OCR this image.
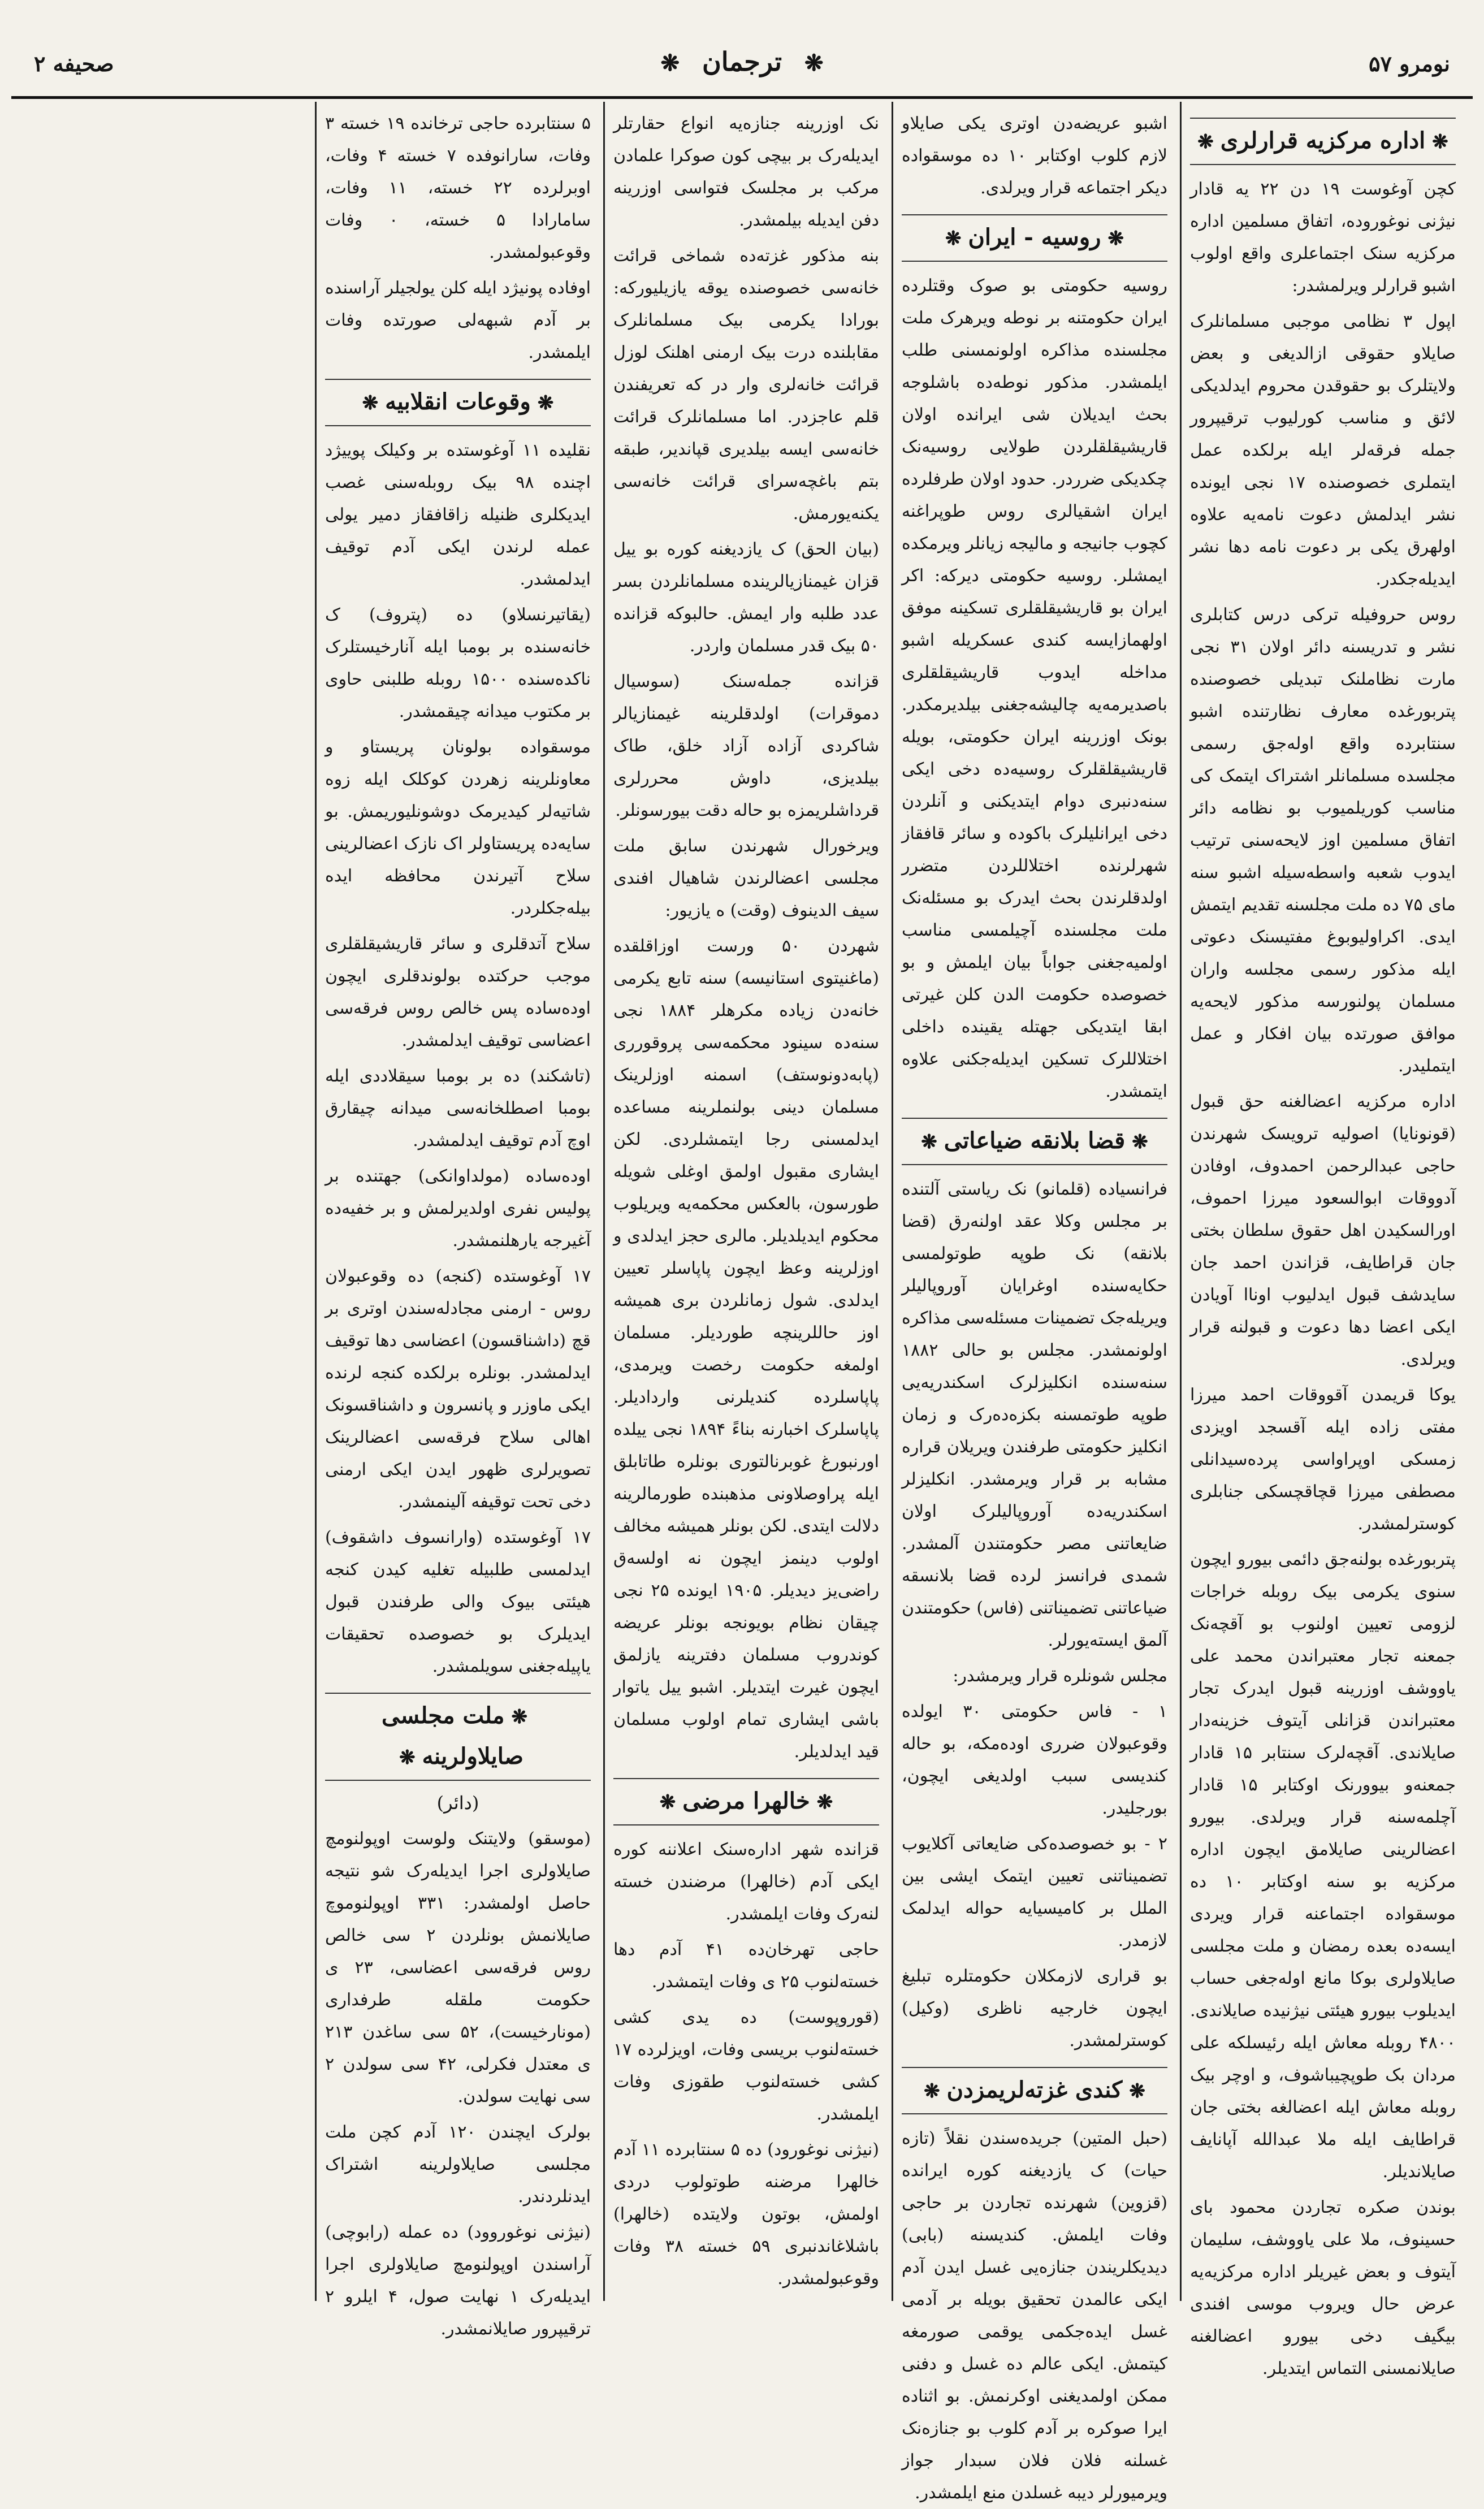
نومرو ۵۷
❋ ترجمان ❋
صحیفه ۲
❋اداره مرکزیه قرارلری❋

کچن آوغوست ۱۹ دن ۲۲ یه قادار نیژنی نوغوروده، اتفاق مسلمین اداره مرکزیه سنک اجتماعلری واقع اولوب اشبو قرارلر ویرلمشدر:

اپول ۳ نظامی موجبی مسلمانلرک صایلاو حقوقی ازالدیغی و بعض ولایتلرک بو حقوقدن محروم ایدلدیکی لائق و مناسب کورلیوب ترقیپرور جمله فرقه‌لر ایله برلکده عمل ایتملری خصوصنده ۱۷ نجی ایونده نشر ایدلمش دعوت نامه‌یه علاوه اولهرق یکی بر دعوت نامه دها نشر ایدیله‌جکدر.

روس حروفیله ترکی درس کتابلری نشر و تدریسنه دائر اولان ۳۱ نجی مارت نظاملنک تبدیلی خصوصنده پتربورغده معارف نظارتنده اشبو سنتابرده واقع اوله‌جق رسمی مجلسده مسلمانلر اشتراک ایتمک کی مناسب کوریلمیوب بو نظامه دائر اتفاق مسلمین اوز لایحه‌سنی ترتیب ایدوب شعبه واسطه‌سیله اشبو سنه مای ۷۵ ده ملت مجلسنه تقدیم ایتمش ایدی. اکراولیوبوغ مفتیسنک دعوتی ایله مذکور رسمی مجلسه واران مسلمان پولنورسه مذکور لایحه‌یه موافق صورتده بیان افکار و عمل ایتملیدر.

اداره مرکزیه اعضالغنه حق قبول (قونونایا) اصولیه ترویسک شهرندن حاجی عبدالرحمن احمدوف، اوفادن آدووقات ابوالسعود میرزا احموف، اورالسکیدن اهل حقوق سلطان بختی جان قراطایف، قزاندن احمد جان سایدشف قبول ایدلیوب اوناا آویادن ایکی اعضا دها دعوت و قبولنه قرار ویرلدی.

یوکا قریمدن آقووقات احمد میرزا مفتی زاده ایله آقسجد اویزدی زمسکی اوپراواسی پرده‌سیدانلی مصطفی میرزا قچاقچسکی جنابلری کوسترلمشدر.

پتربورغده بولنه‌جق دائمی بیورو ایچون سنوی یکرمی بیک روبله خراجات لزومی تعیین اولنوب بو آقچه‌نک جمعنه تجار معتبراندن محمد علی یاووشف اوزرینه قبول ایدرک تجار معتبراندن قزانلی آیتوف خزینه‌دار صایلاندی. آقچه‌لرک سنتابر ۱۵ قادار جمعنه‌و بیوورنک اوکتابر ۱۵ قادار آچلمه‌سنه قرار ویرلدی. بیورو اعضالرینی صایلامق ایچون اداره مرکزیه بو سنه اوکتابر ۱۰ ده موسقواده اجتماعنه قرار ویردی ایسه‌ده بعده رمضان و ملت مجلسی صایلاولری بوکا مانع اوله‌جغی حساب ایدیلوب بیورو هیئتی نیژنیده صایلاندی. ۴۸۰۰ روبله معاش ایله رئیسلکه علی مردان بک طوپچیباشوف، و اوچر بیک روبله معاش ایله اعضالغه بختی جان قراطایف ایله ملا عبدالله آپانایف صایلاندیلر.

بوندن صکره تجاردن محمود بای حسینوف، ملا علی یاووشف، سلیمان آیتوف و بعض غیریلر اداره مرکزیه‌یه عرض حال ویروب موسی افندی بیگیف دخی بیورو اعضالغنه صایلانمسنی التماس ایتدیلر.

اشبو عریضه‌دن اوتری یکی صایلاو لازم کلوب اوکتابر ۱۰ ده موسقواده دیکر اجتماعه قرار ویرلدی.

❋روسیه - ایران❋

روسیه حکومتی بو صوک وقتلرده ایران حکومتنه بر نوطه ویرهرک ملت مجلسنده مذاکره اولونمسنی طلب ایلمشدر. مذکور نوطه‌ده باشلوجه بحث ایدیلان شی ایرانده اولان قاریشیقلقلردن طولایی روسیه‌نک چکدیکی ضرردر. حدود اولان طرفلرده ایران اشقیالری روس طوپراغنه کچوب جانیجه و مالیجه زیانلر ویرمکده ایمشلر. روسیه حکومتی دیرکه: اکر ایران بو قاریشیقلقلری تسکینه موفق اولهمازایسه کندی عسکریله اشبو مداخله ایدوب قاریشیقلقلری باصدیرمه‌یه چالیشه‌جغنی بیلدیرمکدر. بونک اوزرینه ایران حکومتی، بویله قاریشیقلقلرک روسیه‌ده دخی ایکی سنه‌دنبری دوام ایتدیکنی و آنلردن دخی ایرانلیلرک باکوده و سائر قافقاز شهرلرنده اختلاللردن متضرر اولدقلرندن بحث ایدرک بو مسئله‌نک ملت مجلسنده آچیلمسی مناسب اولمیه‌جغنی جواباً بیان ایلمش و بو خصوصده حکومت الدن کلن غیرتی ابقا ایتدیکی جهتله یقینده داخلی اختلاللرک تسکین ایدیله‌جکنی علاوه ایتمشدر.

❋قضا بلانقه ضیاعاتی❋

فرانسیاده (قلمانو) نک ریاستی آلتنده بر مجلس وکلا عقد اولنه‌رق (قضا بلانقه) نک طوپه طوتولمسی حکایه‌سنده اوغرایان آوروپالیلر ویریله‌جک تضمینات مسئله‌سی مذاکره اولونمشدر. مجلس بو حالی ۱۸۸۲ سنه‌سنده انکلیزلرک اسکندریه‌یی طوپه طوتمسنه بکزه‌ده‌رک و زمان انکلیز حکومتی طرفندن ویریلان قراره مشابه بر قرار ویرمشدر. انکلیزلر اسکندریه‌ده آوروپالیلرک اولان ضایعاتنی مصر حکومتندن آلمشدر. شمدی فرانسز لرده قضا بلانسقه ضیاعاتنی تضمیناتنی (فاس) حکومتندن آلمق ایسته‌یورلر.

مجلس شونلره قرار ویرمشدر:

۱ - فاس حکومتی ۳۰ ایولده وقوعبولان ضرری اوده‌مکه، بو حاله کندیسی سبب اولدیغی ایچون، بورجلیدر.

۲ - بو خصوصده‌کی ضایعاتی آکلایوب تضمیناتنی تعیین ایتمک ایشی بین الملل بر کامیسیایه حواله ایدلمک لازمدر.

بو قراری لازمکلان حکومتلره تبلیغ ایچون خارجیه ناظری (وکیل) کوسترلمشدر.

❋کندی غزته‌لریمزدن❋

(حبل المتین) جریده‌سندن نقلاً (تازه حیات) ک یازدیغنه کوره ایرانده (قزوین) شهرنده تجاردن بر حاجی وفات ایلمش. کندیسنه (بابی) دیدیکلریندن جنازه‌یی غسل ایدن آدم ایکی عالمدن تحقیق بویله بر آدمی غسل ایده‌جکمی یوقمی صورمغه کیتمش. ایکی عالم ده غسل و دفنی ممکن اولمدیغنی اوکرنمش. بو اثناده ایرا صوکره بر آدم کلوب بو جنازه‌نک غسلنه فلان فلان سبدار جواز ویرمیورلر دیبه غسلدن منع ایلمشدر.

نک اوزرینه جنازه‌یه انواع حقارتلر ایدیله‌رک بر بیچی کون صوکرا علمادن مرکب بر مجلسک فتواسی اوزرینه دفن ایدیله بیلمشدر.

بنه مذکور غزته‌ده شماخی قرائت خانه‌سی خصوصنده یوقه یازیلیورکه: بورادا یکرمی بیک مسلمانلرک مقابلنده درت بیک ارمنی اهلنک لوزل قرائت خانه‌لری وار در که تعریفندن قلم عاجزدر. اما مسلمانلرک قرائت خانه‌سی ایسه بیلدیری قپاندیر، طبقه بتم باغچه‌سرای قرائت خانه‌سی یکنه‌یورمش.

(بیان الحق) ک یازدیغنه کوره بو ییل قزان غیمنازیالرینده مسلمانلردن بسر عدد طلبه وار ایمش. حالبوکه قزانده ۵۰ بیک قدر مسلمان واردر.

قزانده جمله‌سنک (سوسیال دموقرات) اولدقلرینه غیمنازیالر شاکردی آزاده آزاد خلق، طاک بیلدیزی، داوش محررلری قرداشلریمزه بو حاله دقت بیورسونلر.

ویرخورال شهرندن سابق ملت مجلسی اعضالرندن شاهیال افندی سیف الدینوف (وقت) ه یازیور:

شهردن ۵۰ ورست اوزاقلقده (ماغنیتوی استانیسه) سنه تابع یکرمی خانه‌دن زیاده مکرهلر ۱۸۸۴ نجی سنه‌ده سینود محکمه‌سی پروقورری (پابه‌دونوستف) اسمنه اوزلرینک مسلمان دینی بولنملرینه مساعده ایدلمسنی رجا ایتمشلردی. لکن ایشاری مقبول اولمق اوغلی شویله طورسون، بالعکس محکمه‌یه ویریلوب محکوم ایدیلدیلر. مالری حجز ایدلدی و اوزلرینه وعظ ایچون پاپاسلر تعیین ایدلدی. شول زمانلردن بری همیشه اوز حاللرینچه طوردیلر. مسلمان اولمغه حکومت رخصت ویرمدی، پاپاسلرده کندیلرنی واردادیلر. پاپاسلرک اخبارنه بناءً ۱۸۹۴ نجی ییلده اورنبورغ غوبرنالتوری بونلره طاتابلق ایله پراوصلاونی مذهبنده طورمالرینه دلالت ایتدی. لکن بونلر همیشه مخالف اولوب دینمز ایچون نه اولسه‌ق راضی‌یز دیدیلر. ۱۹۰۵ ایونده ۲۵ نجی چیقان نظام بویونجه بونلر عریضه کوندروب مسلمان دفترینه یازلمق ایچون غیرت ایتدیلر. اشبو ییل یاتوار باشی ایشاری تمام اولوب مسلمان قید ایدلدیلر.

❋خالهرا مرضی❋

قزانده شهر اداره‌سنک اعلاننه کوره ایکی آدم (خالهرا) مرضندن خسته لنه‌رک وفات ایلمشدر.

حاجی تهرخان‌ده ۴۱ آدم دها خسته‌لنوب ۲۵ ی وفات ایتمشدر.

(قوروپوست) ده یدی کشی خسته‌لنوب بریسی وفات، اویزلرده ۱۷ کشی خسته‌لنوب طقوزی وفات ایلمشدر.

(نیژنی نوغورود) ده ۵ سنتابرده ۱۱ آدم خالهرا مرضنه طوتولوب دردی اولمش، بوتون ولایتده (خالهرا) باشلاغاندنبری ۵۹ خسته ۳۸ وفات وقوعبولمشدر.

۵ سنتابرده حاجی ترخانده ۱۹ خسته ۳ وفات، سارانوفده ۷ خسته ۴ وفات، اوبرلرده ۲۲ خسته، ۱۱ وفات، سامارادا ۵ خسته، ۰ وفات وقوعبولمشدر.

اوفاده پونیژد ایله کلن یولجیلر آراسنده بر آدم شبهه‌لی صورتده وفات ایلمشدر.

❋وقوعات انقلابیه❋

نقلیده ۱۱ آوغوستده بر وکیلک پوییژد اچنده ۹۸ بیک روبله‌سنی غصب ایدیکلری ظنیله زاقافقاز دمیر یولی عمله لرندن ایکی آدم توقیف ایدلمشدر.

(یقاتیرنسلاو) ده (پتروف) ک خانه‌سنده بر بومبا ایله آنارخیستلرک ناکده‌سنده ۱۵۰۰ روبله طلبنی حاوی بر مکتوب میدانه چیقمشدر.

موسقواده بولونان پریستاو و معاونلرینه زهردن کوکلک ایله زوه شاتیه‌لر کیدیرمک دوشونلیوریمش. بو سایه‌ده پریستاولر اک نازک اعضالرینی سلاح آتیرندن محافظه ایده بیله‌جکلردر.

سلاح آتدقلری و سائر قاریشیقلقلری موجب حرکتده بولوندقلری ایچون اوده‌ساده پس خالص روس فرقه‌سی اعضاسی توقیف ایدلمشدر.

(تاشکند) ده بر بومبا سیقلاددی ایله بومبا اصطلخانه‌سی میدانه چیقارق اوچ آدم توقیف ایدلمشدر.

اوده‌سا‌ده (مولداوانکی) جهتنده بر پولیس نفری اولدیرلمش و بر خفیه‌ده آغیرجه یارهلنمشدر.

۱۷ آوغوستده (کنجه) ده وقوعبولان روس - ارمنی مجادله‌سندن اوتری بر قچ (داشناقسون) اعضاسی دها توقیف ایدلمشدر. بونلره برلکده کنجه لرنده ایکی ماوزر و پانسرون و داشناقسونک اهالی سلاح فرقه‌سی اعضالرینک تصویرلری ظهور ایدن ایکی ارمنی دخی تحت توقیفه آلینمشدر.

۱۷ آوغوستده (وارانسوف داشقوف) ایدلمسی طلبیله تغلیه کیدن کنجه هیئتی بیوک والی طرفندن قبول ایدیلرک بو خصوصده تحقیقات یاپیله‌جغنی سویلمشدر.

❋ملت مجلسی صایلاولرینه❋

(دائر)

(موسقو) ولایتنک ولوست اوپولنومچ صایلاولری اجرا ایدیله‌رک شو نتیجه حاصل اولمشدر: ۳۳۱ اوپولنوموچ صایلانمش بونلردن ۲ سی خالص روس فرقه‌سی اعضاسی، ۲۳ ی حکومت ملقله طرفداری (مونارخیست)، ۵۲ سی ساغدن ۲۱۳ ی معتدل فکرلی، ۴۲ سی سولدن ۲ سی نهایت سولدن.

بولرک ایچندن ۱۲۰ آدم کچن ملت مجلسی صایلاولرینه اشتراک ایدنلردندر.

(نیژنی نوغوروود) ده عمله (رابوچی) آراسندن اوپولنومچ صایلاولری اجرا ایدیله‌رک ۱ نهایت صول، ۴ ایلرو ۲ ترقیپرور صایلانمشدر.
